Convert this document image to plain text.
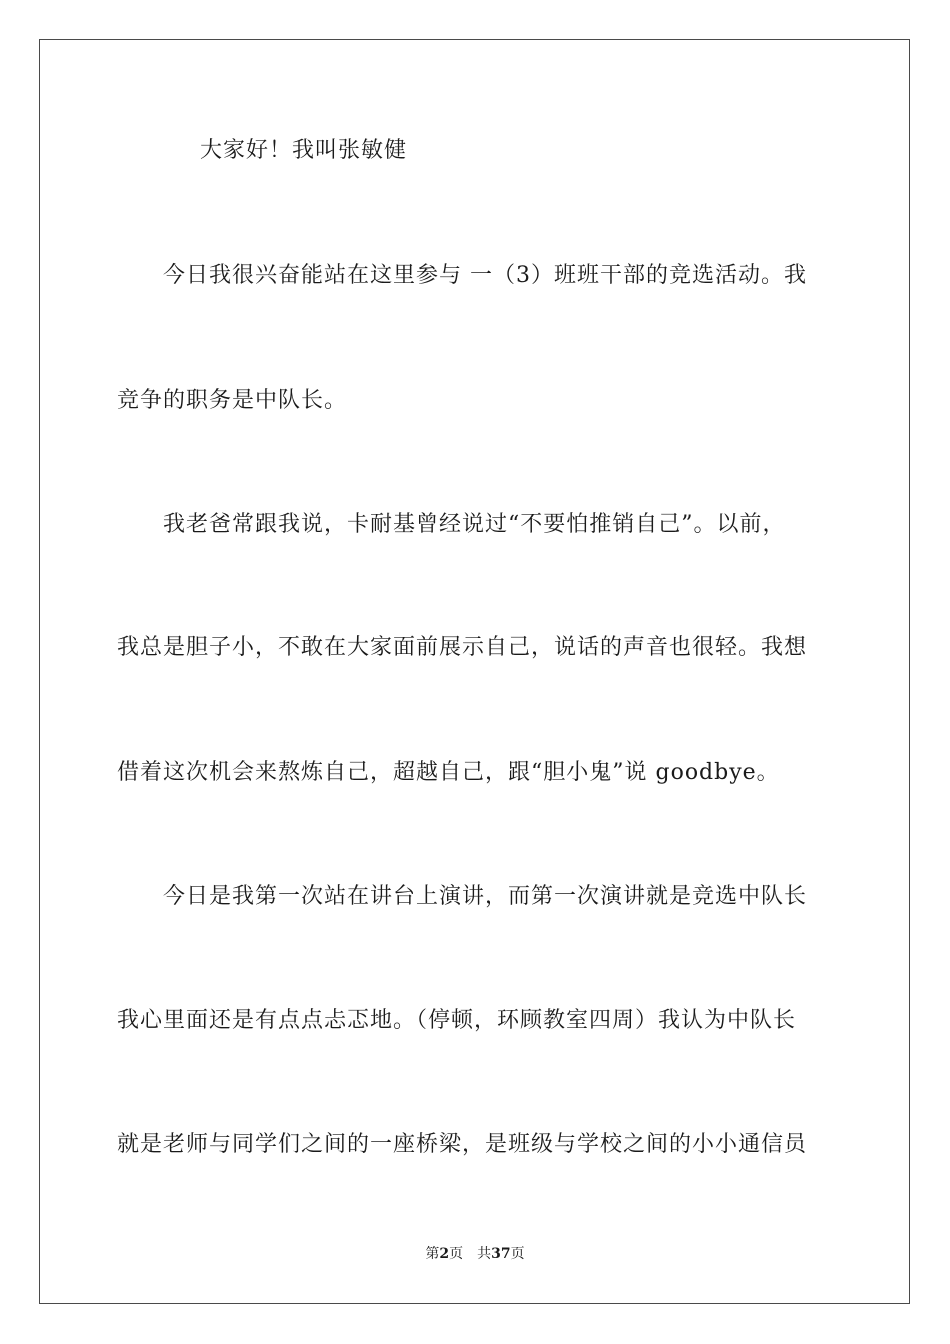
大家好！我叫张敏健
今日我很兴奋能站在这里参与 一（3）班班干部的竞选活动。我
竞争的职务是中队长。
我老爸常跟我说，卡耐基曾经说过“不要怕推销自己”。以前，
我总是胆子小，不敢在大家面前展示自己，说话的声音也很轻。我想
借着这次机会来熬炼自己，超越自己，跟“胆小鬼”说 goodbye。
今日是我第一次站在讲台上演讲，而第一次演讲就是竞选中队长
我心里面还是有点点忐忑地。（停顿，环顾教室四周）我认为中队长
就是老师与同学们之间的一座桥梁，是班级与学校之间的小小通信员
第2页 共37页
